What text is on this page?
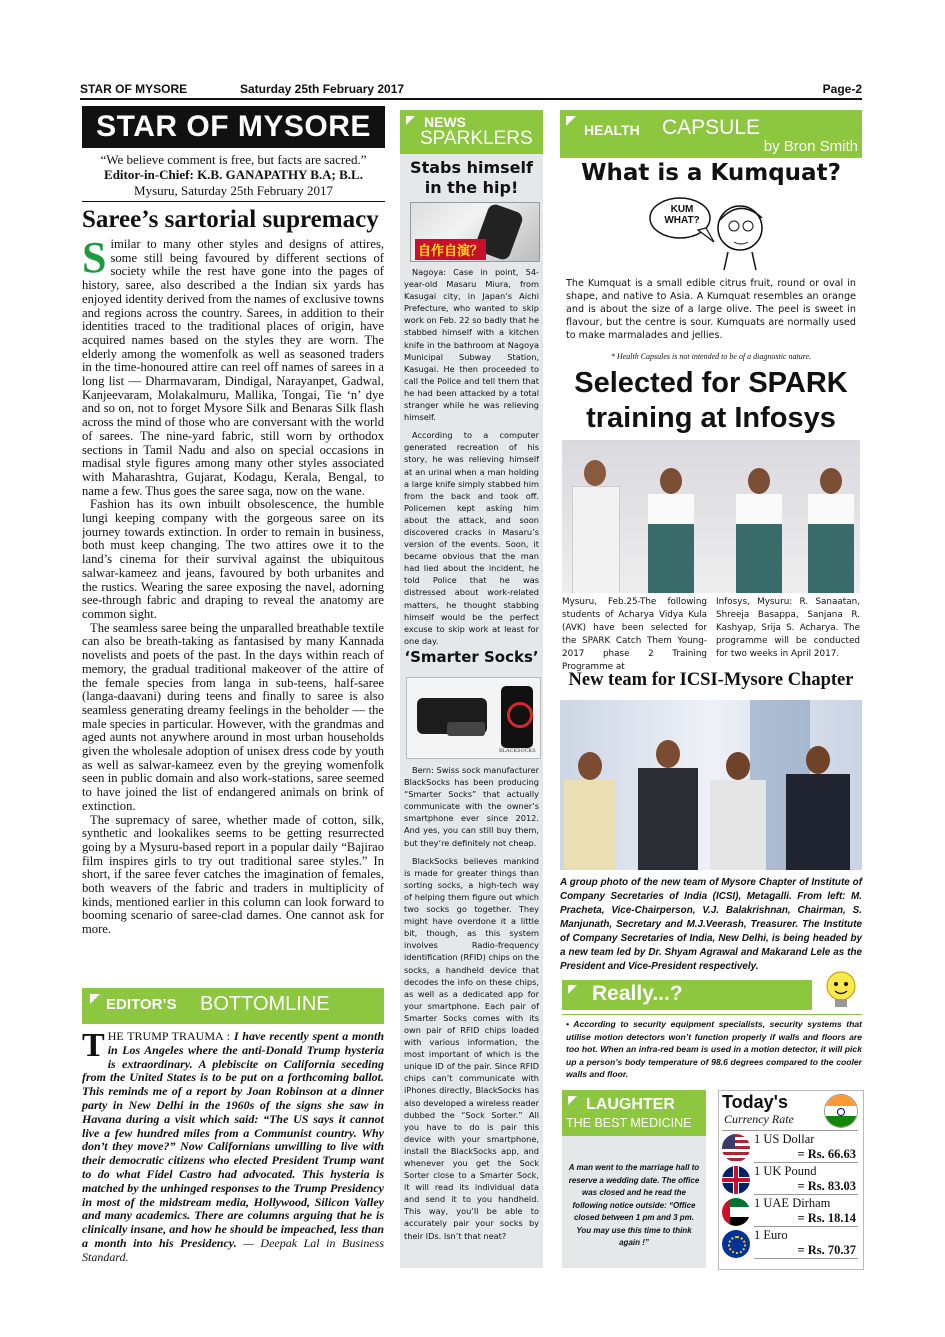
STAR OF MYSORE	Saturday 25th February 2017	Page-2
STAR OF MYSORE
“We believe comment is free, but facts are sacred.”
Editor-in-Chief: K.B. GANAPATHY B.A; B.L.
Mysuru, Saturday 25th February 2017
Saree’s sartorial supremacy

Similar to many other styles and designs of attires, some still being favoured by different sections of society while the rest have gone into the pages of history, saree, also described a the Indian six yards has enjoyed identity derived from the names of exclusive towns and regions across the country. Sarees, in addition to their identities traced to the traditional places of origin, have acquired names based on the styles they are worn. The elderly among the womenfolk as well as seasoned traders in the time-honoured attire can reel off names of sarees in a long list — Dharmavaram, Dindigal, Narayanpet, Gadwal, Kanjeevaram, Molakalmuru, Mallika, Tongai, Tie ‘n’ dye and so on, not to forget Mysore Silk and Benaras Silk flash across the mind of those who are conversant with the world of sarees. The nine-yard fabric, still worn by orthodox sections in Tamil Nadu and also on special occasions in madisal style figures among many other styles associated with Maharashtra, Gujarat, Kodagu, Kerala, Bengal, to name a few. Thus goes the saree saga, now on the wane.

Fashion has its own inbuilt obsolescence, the humble lungi keeping company with the gorgeous saree on its journey towards extinction. In order to remain in business, both must keep changing. The two attires owe it to the land’s cinema for their survival against the ubiquitous salwar-kameez and jeans, favoured by both urbanites and the rustics. Wearing the saree exposing the navel, adorning see-through fabric and draping to reveal the anatomy are common sight.

The seamless saree being the unparalled breathable textile can also be breath-taking as fantasised by many Kannada novelists and poets of the past. In the days within reach of memory, the gradual traditional makeover of the attire of the female species from langa in sub-teens, half-saree (langa-daavani) during teens and finally to saree is also seamless generating dreamy feelings in the beholder — the male species in particular. However, with the grandmas and aged aunts not anywhere around in most urban households given the wholesale adoption of unisex dress code by youth as well as salwar-kameez even by the greying womenfolk seen in public domain and also work-stations, saree seemed to have joined the list of endangered animals on brink of extinction.

The supremacy of saree, whether made of cotton, silk, synthetic and lookalikes seems to be getting resurrected going by a Mysuru-based report in a popular daily “Bajirao film inspires girls to try out traditional saree styles.” In short, if the saree fever catches the imagination of females, both weavers of the fabric and traders in multiplicity of kinds, mentioned earlier in this column can look forward to booming scenario of saree-clad dames. One cannot ask for more.

EDITOR’S BOTTOMLINE
THE TRUMP TRAUMA : I have recently spent a month in Los Angeles where the anti-Donald Trump hysteria is extraordinary. A plebiscite on California seceding from the United States is to be put on a forthcoming ballot. This reminds me of a report by Joan Robinson at a dinner party in New Delhi in the 1960s of the signs she saw in Havana during a visit which said: “The US says it cannot live a few hundred miles from a Communist country. Why don’t they move?” Now Californians unwilling to live with their democratic citizens who elected President Trump want to do what Fidel Castro had advocated. This hysteria is matched by the unhinged responses to the Trump Presidency in most of the midstream media, Hollywood, Silicon Valley and many academics. There are columns arguing that he is clinically insane, and how he should be impeached, less than a month into his Presidency. — Deepak Lal in Business Standard.
NEWS
SPARKLERS
Stabs himself in the hip!
自作自演？

Nagoya: Case in point, 54-year-old Masaru Miura, from Kasugai city, in Japan’s Aichi Prefecture, who wanted to skip work on Feb. 22 so badly that he stabbed himself with a kitchen knife in the bathroom at Nagoya Municipal Subway Station, Kasugai. He then proceeded to call the Police and tell them that he had been attacked by a total stranger while he was relieving himself.

According to a computer generated recreation of his story, he was relieving himself at an urinal when a man holding a large knife simply stabbed him from the back and took off. Policemen kept asking him about the attack, and soon discovered cracks in Masaru’s version of the events. Soon, it became obvious that the man had lied about the incident, he told Police that he was distressed about work-related matters, he thought stabbing himself would be the perfect excuse to skip work at least for one day.

‘Smarter Socks’
BLACKSOCKS

Bern: Swiss sock manufacturer BlackSocks has been producing “Smarter Socks” that actually communicate with the owner’s smartphone ever since 2012. And yes, you can still buy them, but they’re definitely not cheap.

BlackSocks believes mankind is made for greater things than sorting socks, a high-tech way of helping them figure out which two socks go together. They might have overdone it a little bit, though, as this system involves Radio-frequency identification (RFID) chips on the socks, a handheld device that decodes the info on these chips, as well as a dedicated app for your smartphone. Each pair of Smarter Socks comes with its own pair of RFID chips loaded with various information, the most important of which is the unique ID of the pair. Since RFID chips can’t communicate with iPhones directly, BlackSocks has also developed a wireless reader dubbed the “Sock Sorter.” All you have to do is pair this device with your smartphone, install the BlackSocks app, and whenever you get the Sock Sorter close to a Smarter Sock, it will read its individual data and send it to you handheld. This way, you’ll be able to accurately pair your socks by their IDs. Isn’t that neat?

HEALTH CAPSULE
by Bron Smith
What is a Kumquat?
KUM WHAT?
The Kumquat is a small edible citrus fruit, round or oval in shape, and native to Asia. A Kumquat resembles an orange and is about the size of a large olive. The peel is sweet in flavour, but the centre is sour. Kumquats are normally used to make marmalades and jellies.
* Health Capsules is not intended to be of a diagnostic nature.
Selected for SPARK training at Infosys
Mysuru, Feb.25-The following students of Acharya Vidya Kula (AVK) have been selected for the SPARK Catch Them Young-2017 phase 2 Training Programme at
Infosys, Mysuru: R. Sanaatan, Shreeja Basappa, Sanjana R. Kashyap, Srija S. Acharya. The programme will be conducted for two weeks in April 2017.
New team for ICSI-Mysore Chapter
A group photo of the new team of Mysore Chapter of Institute of Company Secretaries of India (ICSI), Metagalli. From left: M. Pracheta, Vice-Chairperson, V.J. Balakrishnan, Chairman, S. Manjunath, Secretary and M.J.Veerash, Treasurer. The Institute of Company Secretaries of India, New Delhi, is being headed by a new team led by Dr. Shyam Agrawal and Makarand Lele as the President and Vice-President respectively.
Really...?
• According to security equipment specialists, security systems that utilise motion detectors won’t function properly if walls and floors are too hot. When an infra-red beam is used in a motion detector, it will pick up a person’s body temperature of 98.6 degrees compared to the cooler walls and floor.
LAUGHTER
THE BEST MEDICINE
A man went to the marriage hall to reserve a wedding date. The office was closed and he read the following notice outside: “Office closed between 1 pm and 3 pm. You may use this time to think again !”
Today's
Currency Rate
1 US Dollar
= Rs. 66.63
1 UK Pound
= Rs. 83.03
1 UAE Dirham
= Rs. 18.14
1 Euro
= Rs. 70.37
